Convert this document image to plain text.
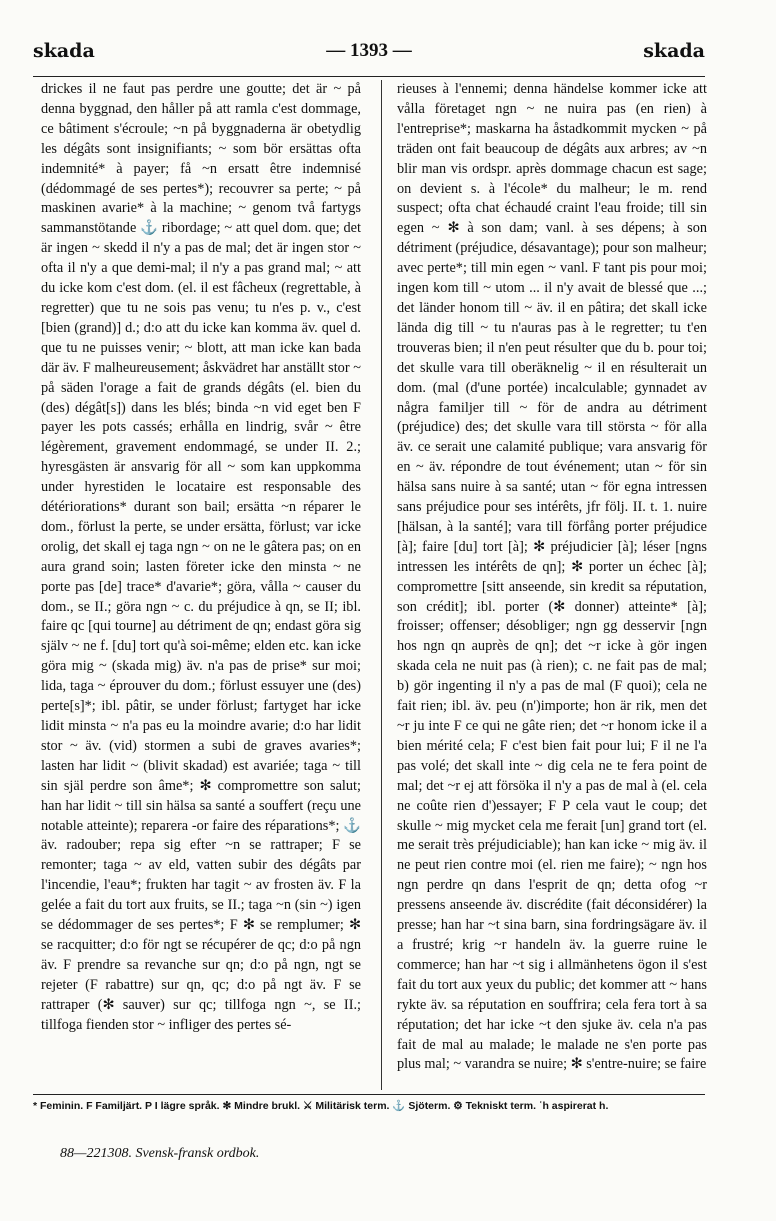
skada	— 1393 —	skada

drickes il ne faut pas perdre une goutte; det är ~ på denna byggnad, den håller på att ramla c'est dommage, ce bâtiment s'écroule; ~n på byggnaderna är obetydlig les dégâts sont insignifiants; ~ som bör ersättas ofta indemnité* à payer; få ~n ersatt être indemnisé (dédommagé de ses pertes*); recouvrer sa perte; ~ på maskinen avarie* à la machine; ~ genom två fartygs sammanstötande ⚓ ribordage; ~ att quel dom. que; det är ingen ~ skedd il n'y a pas de mal; det är ingen stor ~ ofta il n'y a que demi-mal; il n'y a pas grand mal; ~ att du icke kom c'est dom. (el. il est fâcheux (regrettable, à regretter) que tu ne sois pas venu; tu n'es p. v., c'est [bien (grand)] d.; d:o att du icke kan komma äv. quel d. que tu ne puisses venir; ~ blott, att man icke kan bada där äv. F malheureusement; åskvädret har anställt stor ~ på säden l'orage a fait de grands dégâts (el. bien du (des) dégât[s]) dans les blés; binda ~n vid eget ben F payer les pots cassés; erhålla en lindrig, svår ~ être légèrement, gravement endommagé, se under II. 2.; hyresgästen är ansvarig för all ~ som kan uppkomma under hyrestiden le locataire est responsable des détériorations* durant son bail; ersätta ~n réparer le dom., förlust la perte, se under ersätta, förlust; var icke orolig, det skall ej taga ngn ~ on ne le gâtera pas; on en aura grand soin; lasten företer icke den minsta ~ ne porte pas [de] trace* d'avarie*; göra, vålla ~ causer du dom., se II.; göra ngn ~ c. du préjudice à qn, se II; ibl. faire qc [qui tourne] au détriment de qn; endast göra sig själv ~ ne f. [du] tort qu'à soi-même; elden etc. kan icke göra mig ~ (skada mig) äv. n'a pas de prise* sur moi; lida, taga ~ éprouver du dom.; förlust essuyer une (des) perte[s]*; ibl. pâtir, se under förlust; fartyget har icke lidit minsta ~ n'a pas eu la moindre avarie; d:o har lidit stor ~ äv. (vid) stormen a subi de graves avaries*; lasten har lidit ~ (blivit skadad) est avariée; taga ~ till sin själ perdre son âme*; ✻ compromettre son salut; han har lidit ~ till sin hälsa sa santé a souffert (reçu une notable atteinte); reparera -or faire des réparations*; ⚓ äv. radouber; repa sig efter ~n se rattraper; F se remonter; taga ~ av eld, vatten subir des dégâts par l'incendie, l'eau*; frukten har tagit ~ av frosten äv. F la gelée a fait du tort aux fruits, se II.; taga ~n (sin ~) igen se dédommager de ses pertes*; F ✻ se remplumer; ✻ se racquitter; d:o för ngt se récupérer de qc; d:o på ngn äv. F prendre sa revanche sur qn; d:o på ngn, ngt se rejeter (F rabattre) sur qn, qc; d:o på ngt äv. F se rattraper (✻ sauver) sur qc; tillfoga ngn ~, se II.; tillfoga fienden stor ~ infliger des pertes sé-

rieuses à l'ennemi; denna händelse kommer icke att vålla företaget ngn ~ ne nuira pas (en rien) à l'entreprise*; maskarna ha åstadkommit mycken ~ på träden ont fait beaucoup de dégâts aux arbres; av ~n blir man vis ordspr. après dommage chacun est sage; on devient s. à l'école* du malheur; le m. rend suspect; ofta chat échaudé craint l'eau froide; till sin egen ~ ✻ à son dam; vanl. à ses dépens; à son détriment (préjudice, désavantage); pour son malheur; avec perte*; till min egen ~ vanl. F tant pis pour moi; ingen kom till ~ utom ... il n'y avait de blessé que ...; det länder honom till ~ äv. il en pâtira; det skall icke lända dig till ~ tu n'auras pas à le regretter; tu t'en trouveras bien; il n'en peut résulter que du b. pour toi; det skulle vara till oberäknelig ~ il en résulterait un dom. (mal (d'une portée) incalculable; gynnadet av några familjer till ~ för de andra au détriment (préjudice) des; det skulle vara till största ~ för alla äv. ce serait une calamité publique; vara ansvarig för en ~ äv. répondre de tout événement; utan ~ för sin hälsa sans nuire à sa santé; utan ~ för egna intressen sans préjudice pour ses intérêts, jfr följ. II. t. 1. nuire [hälsan, à la santé]; vara till förfång porter préjudice [à]; faire [du] tort [à]; ✻ préjudicier [à]; léser [ngns intressen les intérêts de qn]; ✻ porter un échec [à]; compromettre [sitt anseende, sin kredit sa réputation, son crédit]; ibl. porter (✻ donner) atteinte* [à]; froisser; offenser; désobliger; ngn gg desservir [ngn hos ngn qn auprès de qn]; det ~r icke à gör ingen skada cela ne nuit pas (à rien); c. ne fait pas de mal; b) gör ingenting il n'y a pas de mal (F quoi); cela ne fait rien; ibl. äv. peu (n')importe; hon är rik, men det ~r ju inte F ce qui ne gâte rien; det ~r honom icke il a bien mérité cela; F c'est bien fait pour lui; F il ne l'a pas volé; det skall inte ~ dig cela ne te fera point de mal; det ~r ej att försöka il n'y a pas de mal à (el. cela ne coûte rien d')essayer; F P cela vaut le coup; det skulle ~ mig mycket cela me ferait [un] grand tort (el. me serait très préjudiciable); han kan icke ~ mig äv. il ne peut rien contre moi (el. rien me faire); ~ ngn hos ngn perdre qn dans l'esprit de qn; detta ofog ~r pressens anseende äv. discrédite (fait déconsidérer) la presse; han har ~t sina barn, sina fordringsägare äv. il a frustré; krig ~r handeln äv. la guerre ruine le commerce; han har ~t sig i allmänhetens ögon il s'est fait du tort aux yeux du public; det kommer att ~ hans rykte äv. sa réputation en souffrira; cela fera tort à sa réputation; det har icke ~t den sjuke äv. cela n'a pas fait de mal au malade; le malade ne s'en porte pas plus mal; ~ varandra se nuire; ✻ s'entre-nuire; se faire

* Feminin. F Familjärt. P I lägre språk. ✻ Mindre brukl. ⚔ Militärisk term. ⚓ Sjöterm. ⚙ Tekniskt term. ʿh aspirerat h.
88—221308. Svensk-fransk ordbok.
